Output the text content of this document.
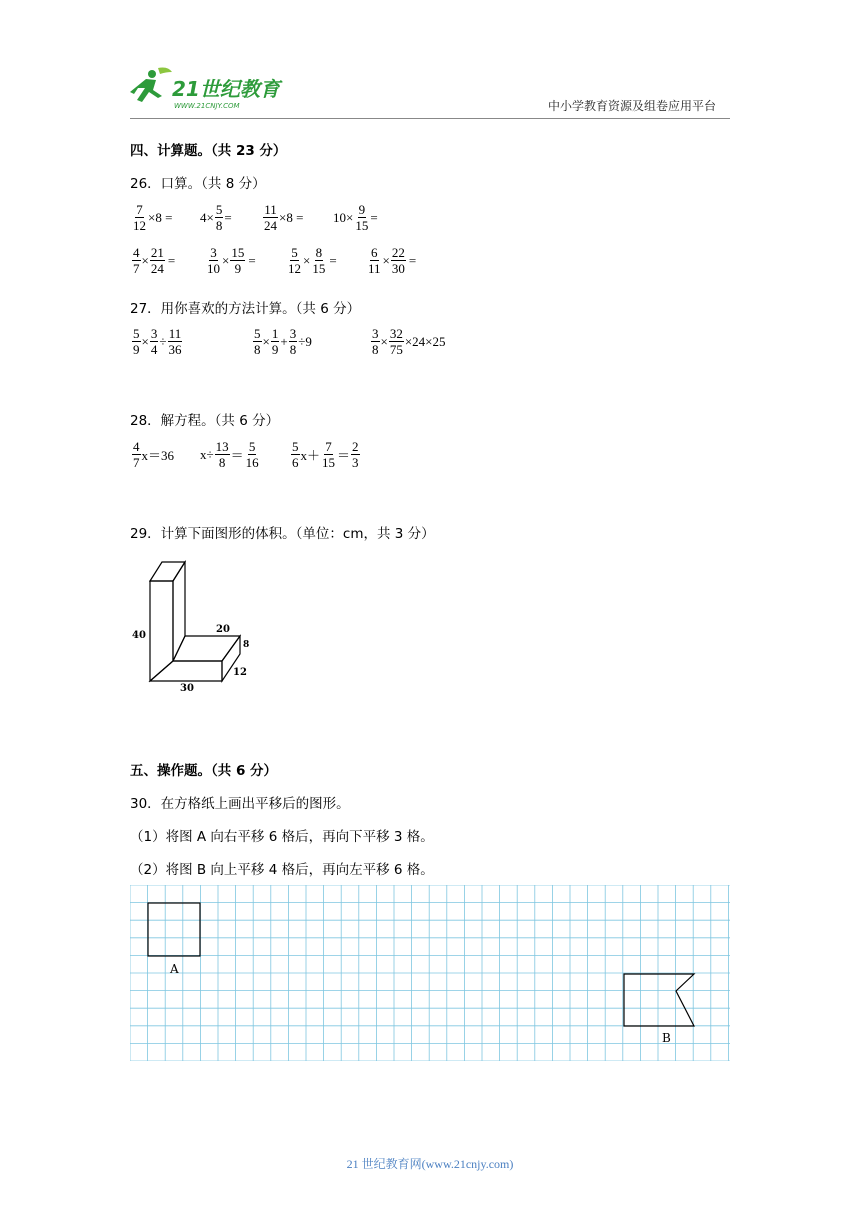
21世纪教育
WWW.21CNJY.COM	中小学教育资源及组卷应用平台
四、计算题。（共 23 分）
26．口算。（共 8 分）
$\frac{7}{12} \times 8 = 4\times \frac{5}{8} = \frac{11}{24} \times 8 = 10\times \frac{9}{15}$ =
$\frac{4}{7} \times \frac{21}{24} = \frac{3}{10} \times \frac{15}{9} = \frac{5}{12} \times \frac{8}{15} = \frac{6}{11} \times \frac{22}{30}$ =
27．用你喜欢的方法计算。（共 6 分）
$\frac{5}{9} \times \frac{3}{4} \div \frac{11}{36}$	$\frac{5}{8} \times \frac{1}{9} + \frac{3}{8} \div 9$	$\frac{3}{8} \times \frac{32}{75} \times 24\times 25$
28．解方程。（共 6 分）
$\frac{4}{7} x=36$ $x\div \frac{13}{8} = \frac{5}{16} \frac{5}{6} x+ \frac{7}{15} = \frac{2}{3}$
29．计算下面图形的体积。（单位：cm，共 3 分）
40
20
8
12
30
五、操作题。（共 6 分）
30．在方格纸上画出平移后的图形。
（1）将图 A 向右平移 6 格后，再向下平移 3 格。
（2）将图 B 向上平移 4 格后，再向左平移 6 格。
A
B
21 世纪教育网(www.21cnjy.com)
